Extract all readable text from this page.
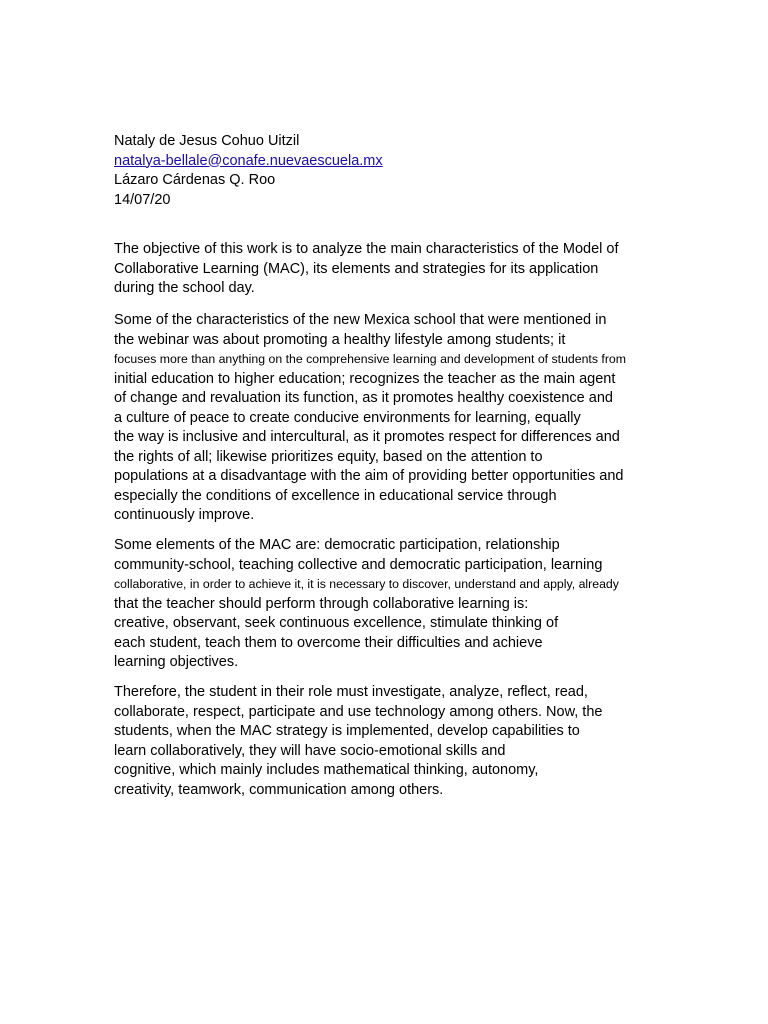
Nataly de Jesus Cohuo Uitzil
natalya-bellale@conafe.nuevaescuela.mx
Lázaro Cárdenas Q. Roo
14/07/20
The objective of this work is to analyze the main characteristics of the Model of
Collaborative Learning (MAC), its elements and strategies for its application
during the school day.
Some of the characteristics of the new Mexica school that were mentioned in
the webinar was about promoting a healthy lifestyle among students; it
focuses more than anything on the comprehensive learning and development of students from
initial education to higher education; recognizes the teacher as the main agent
of change and revaluation its function, as it promotes healthy coexistence and
a culture of peace to create conducive environments for learning, equally
the way is inclusive and intercultural, as it promotes respect for differences and
the rights of all; likewise prioritizes equity, based on the attention to
populations at a disadvantage with the aim of providing better opportunities and
especially the conditions of excellence in educational service through
continuously improve.
Some elements of the MAC are: democratic participation, relationship
community-school, teaching collective and democratic participation, learning
collaborative, in order to achieve it, it is necessary to discover, understand and apply, already
that the teacher should perform through collaborative learning is:
creative, observant, seek continuous excellence, stimulate thinking of
each student, teach them to overcome their difficulties and achieve
learning objectives.
Therefore, the student in their role must investigate, analyze, reflect, read,
collaborate, respect, participate and use technology among others. Now, the
students, when the MAC strategy is implemented, develop capabilities to
learn collaboratively, they will have socio-emotional skills and
cognitive, which mainly includes mathematical thinking, autonomy,
creativity, teamwork, communication among others.
